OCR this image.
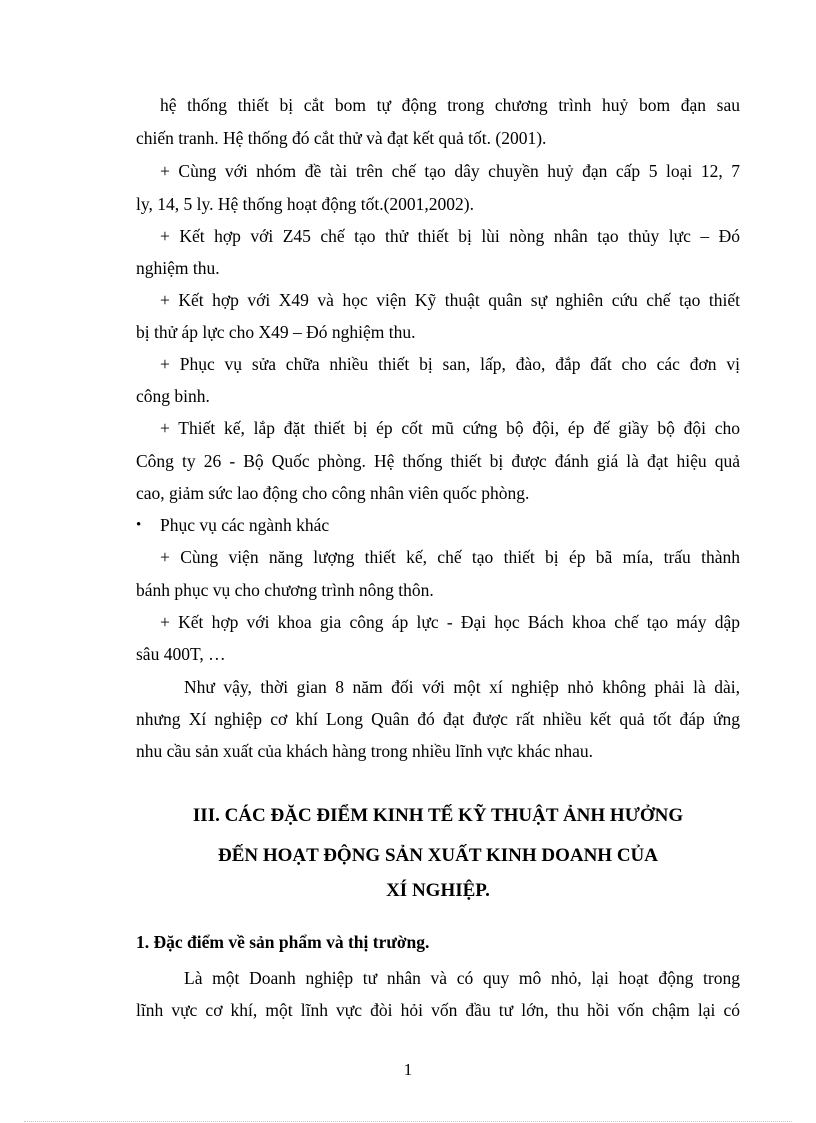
hệ thống thiết bị cắt bom tự động trong chương trình huỷ bom đạn sau
chiến tranh. Hệ thống đó cắt thử và đạt kết quả tốt. (2001).
+ Cùng với nhóm đề tài trên chế tạo dây chuyền huỷ đạn cấp 5 loại 12, 7
ly, 14, 5 ly. Hệ thống hoạt động tốt.(2001,2002).
+ Kết hợp với Z45 chế tạo thử thiết bị lùi nòng nhân tạo thủy lực – Đó
nghiệm thu.
+ Kết hợp với X49 và học viện Kỹ thuật quân sự nghiên cứu chế tạo thiết
bị thử áp lực cho X49 – Đó nghiệm thu.
+ Phục vụ sửa chữa nhiều thiết bị san, lấp, đào, đắp đất cho các đơn vị
công binh.
+ Thiết kế, lắp đặt thiết bị ép cốt mũ cứng bộ đội, ép đế giầy bộ đội cho
Công ty 26 - Bộ Quốc phòng. Hệ thống thiết bị được đánh giá là đạt hiệu quả
cao, giảm sức lao động cho công nhân viên quốc phòng.
• Phục vụ các ngành khác
+ Cùng viện năng lượng thiết kế, chế tạo thiết bị ép bã mía, trấu thành
bánh phục vụ cho chương trình nông thôn.
+ Kết hợp với khoa gia công áp lực - Đại học Bách khoa chế tạo máy dập
sâu 400T, …
Như vậy, thời gian 8 năm đối với một xí nghiệp nhỏ không phải là dài,
nhưng Xí nghiệp cơ khí Long Quân đó đạt được rất nhiều kết quả tốt đáp ứng
nhu cầu sản xuất của khách hàng trong nhiều lĩnh vực khác nhau.
III. CÁC ĐẶC ĐIỂM KINH TẾ KỸ THUẬT ẢNH HƯỞNG
ĐẾN HOẠT ĐỘNG SẢN XUẤT KINH DOANH CỦA
XÍ NGHIỆP.
1. Đặc điểm về sản phẩm và thị trường.
Là một Doanh nghiệp tư nhân và có quy mô nhỏ, lại hoạt động trong
lĩnh vực cơ khí, một lĩnh vực đòi hỏi vốn đầu tư lớn, thu hồi vốn chậm lại có
1
